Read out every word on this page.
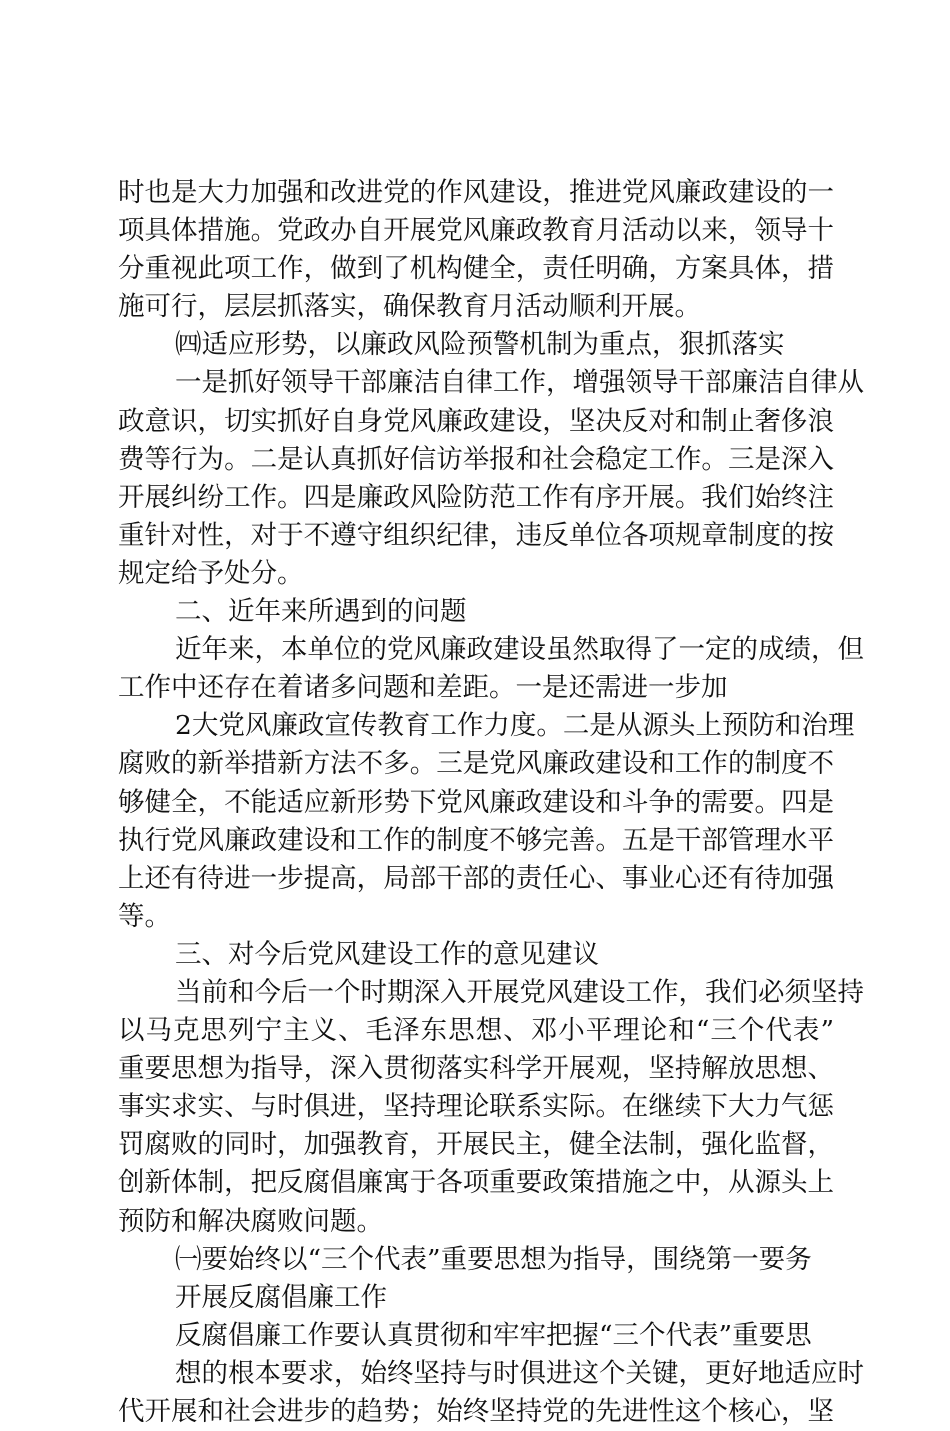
时也是大力加强和改进党的作风建设，推进党风廉政建设的一
项具体措施。党政办自开展党风廉政教育月活动以来，领导十
分重视此项工作，做到了机构健全，责任明确，方案具体，措
施可行，层层抓落实，确保教育月活动顺利开展。
㈣适应形势，以廉政风险预警机制为重点，狠抓落实
一是抓好领导干部廉洁自律工作，增强领导干部廉洁自律从
政意识，切实抓好自身党风廉政建设，坚决反对和制止奢侈浪
费等行为。二是认真抓好信访举报和社会稳定工作。三是深入
开展纠纷工作。四是廉政风险防范工作有序开展。我们始终注
重针对性，对于不遵守组织纪律，违反单位各项规章制度的按
规定给予处分。
二、近年来所遇到的问题
近年来，本单位的党风廉政建设虽然取得了一定的成绩，但
工作中还存在着诸多问题和差距。一是还需进一步加
2大党风廉政宣传教育工作力度。二是从源头上预防和治理
腐败的新举措新方法不多。三是党风廉政建设和工作的制度不
够健全，不能适应新形势下党风廉政建设和斗争的需要。四是
执行党风廉政建设和工作的制度不够完善。五是干部管理水平
上还有待进一步提高，局部干部的责任心、事业心还有待加强
等。
三、对今后党风建设工作的意见建议
当前和今后一个时期深入开展党风建设工作，我们必须坚持
以马克思列宁主义、毛泽东思想、邓小平理论和“三个代表”
重要思想为指导，深入贯彻落实科学开展观，坚持解放思想、
事实求实、与时俱进，坚持理论联系实际。在继续下大力气惩
罚腐败的同时，加强教育，开展民主，健全法制，强化监督，
创新体制，把反腐倡廉寓于各项重要政策措施之中，从源头上
预防和解决腐败问题。
㈠要始终以“三个代表”重要思想为指导，围绕第一要务
开展反腐倡廉工作
反腐倡廉工作要认真贯彻和牢牢把握“三个代表”重要思
想的根本要求，始终坚持与时俱进这个关键，更好地适应时
代开展和社会进步的趋势；始终坚持党的先进性这个核心，坚
